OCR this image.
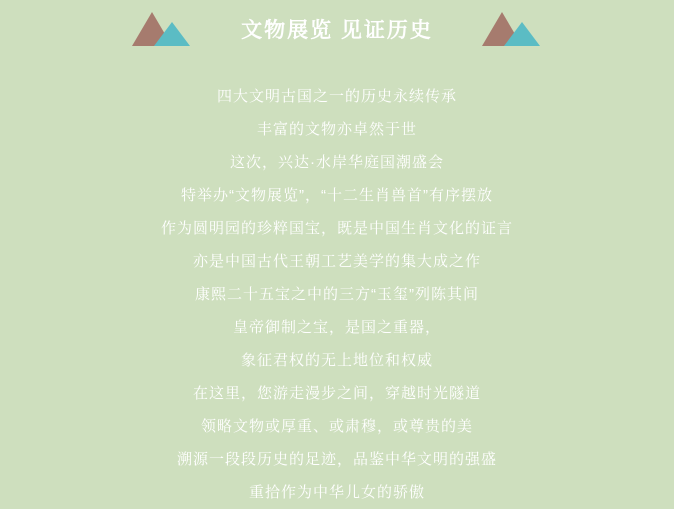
文物展览 见证历史
四大文明古国之一的历史永续传承
丰富的文物亦卓然于世
这次，兴达·水岸华庭国潮盛会
特举办“文物展览”，“十二生肖兽首”有序摆放
作为圆明园的珍粹国宝，既是中国生肖文化的证言
亦是中国古代王朝工艺美学的集大成之作
康熙二十五宝之中的三方“玉玺”列陈其间
皇帝御制之宝，是国之重器，
象征君权的无上地位和权威
在这里，您游走漫步之间，穿越时光隧道
领略文物或厚重、或肃穆，或尊贵的美
溯源一段段历史的足迹，品鉴中华文明的强盛
重拾作为中华儿女的骄傲
